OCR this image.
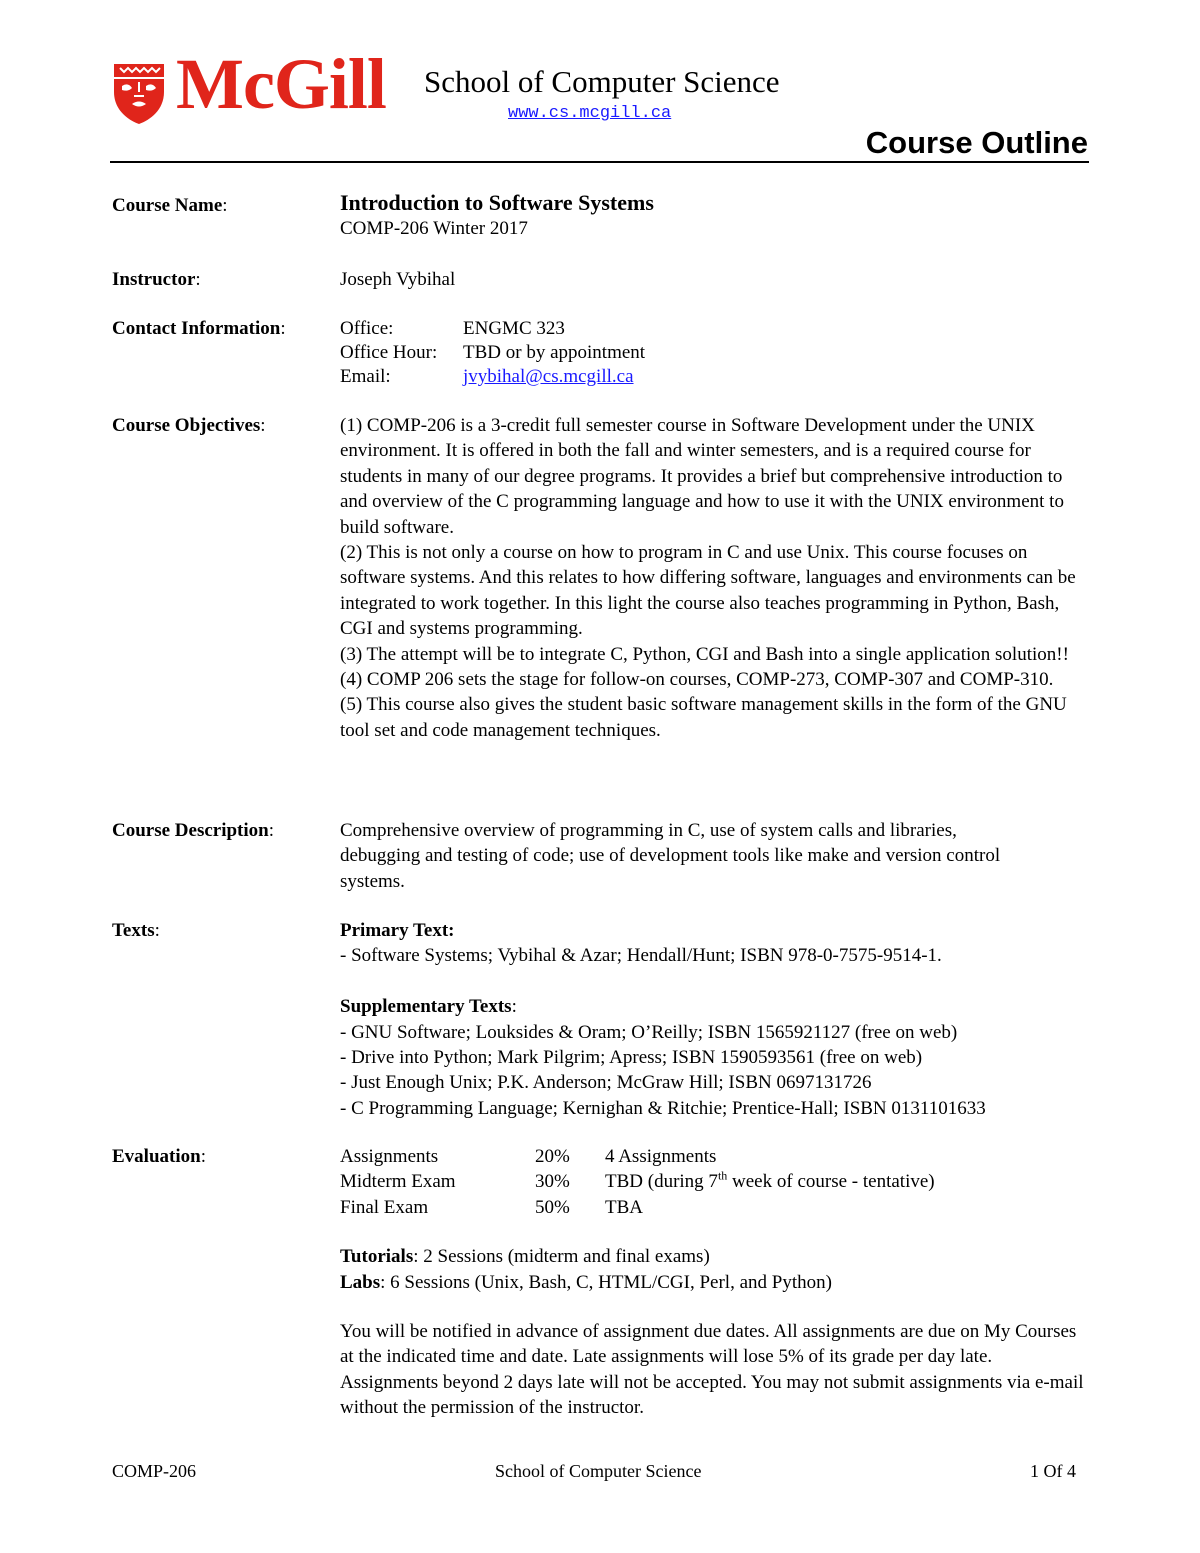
McGill School of Computer Science
www.cs.mcgill.ca
Course Outline
Course Name:	Introduction to Software Systems
COMP-206 Winter 2017
Instructor:	Joseph Vybihal
Contact Information:	Office:	ENGMC 323
Office Hour: TBD or by appointment
Email:	jvybihal@cs.mcgill.ca
Course Objectives:	(1) COMP-206 is a 3-credit full semester course in Software Development under the UNIX environment. It is offered in both the fall and winter semesters, and is a required course for students in many of our degree programs. It provides a brief but comprehensive introduction to and overview of the C programming language and how to use it with the UNIX environment to build software.

(2) This is not only a course on how to program in C and use Unix. This course focuses on software systems. And this relates to how differing software, languages and environments can be integrated to work together. In this light the course also teaches programming in Python, Bash, CGI and systems programming.

(3) The attempt will be to integrate C, Python, CGI and Bash into a single application solution!!

(4) COMP 206 sets the stage for follow-on courses, COMP-273, COMP-307 and COMP-310.

(5) This course also gives the student basic software management skills in the form of the GNU tool set and code management techniques.

Course Description:	Comprehensive overview of programming in C, use of system calls and libraries, debugging and testing of code; use of development tools like make and version control systems.
Texts:	Primary Text:
- Software Systems; Vybihal & Azar; Hendall/Hunt; ISBN 978-0-7575-9514-1.
Supplementary Texts:
- GNU Software; Louksides & Oram; O’Reilly; ISBN 1565921127 (free on web)
- Drive into Python; Mark Pilgrim; Apress; ISBN 1590593561 (free on web)
- Just Enough Unix; P.K. Anderson; McGraw Hill; ISBN 0697131726
- C Programming Language; Kernighan & Ritchie; Prentice-Hall; ISBN 0131101633
Evaluation:	Assignments	20% 4 Assignments
Midterm Exam	30% TBD (during 7th week of course - tentative)
Final Exam	50% TBA
Tutorials: 2 Sessions (midterm and final exams)
Labs: 6 Sessions (Unix, Bash, C, HTML/CGI, Perl, and Python)

You will be notified in advance of assignment due dates. All assignments are due on My Courses at the indicated time and date. Late assignments will lose 5% of its grade per day late. Assignments beyond 2 days late will not be accepted. You may not submit assignments via e-mail without the permission of the instructor.

COMP-206	School of Computer Science	1 Of 4
